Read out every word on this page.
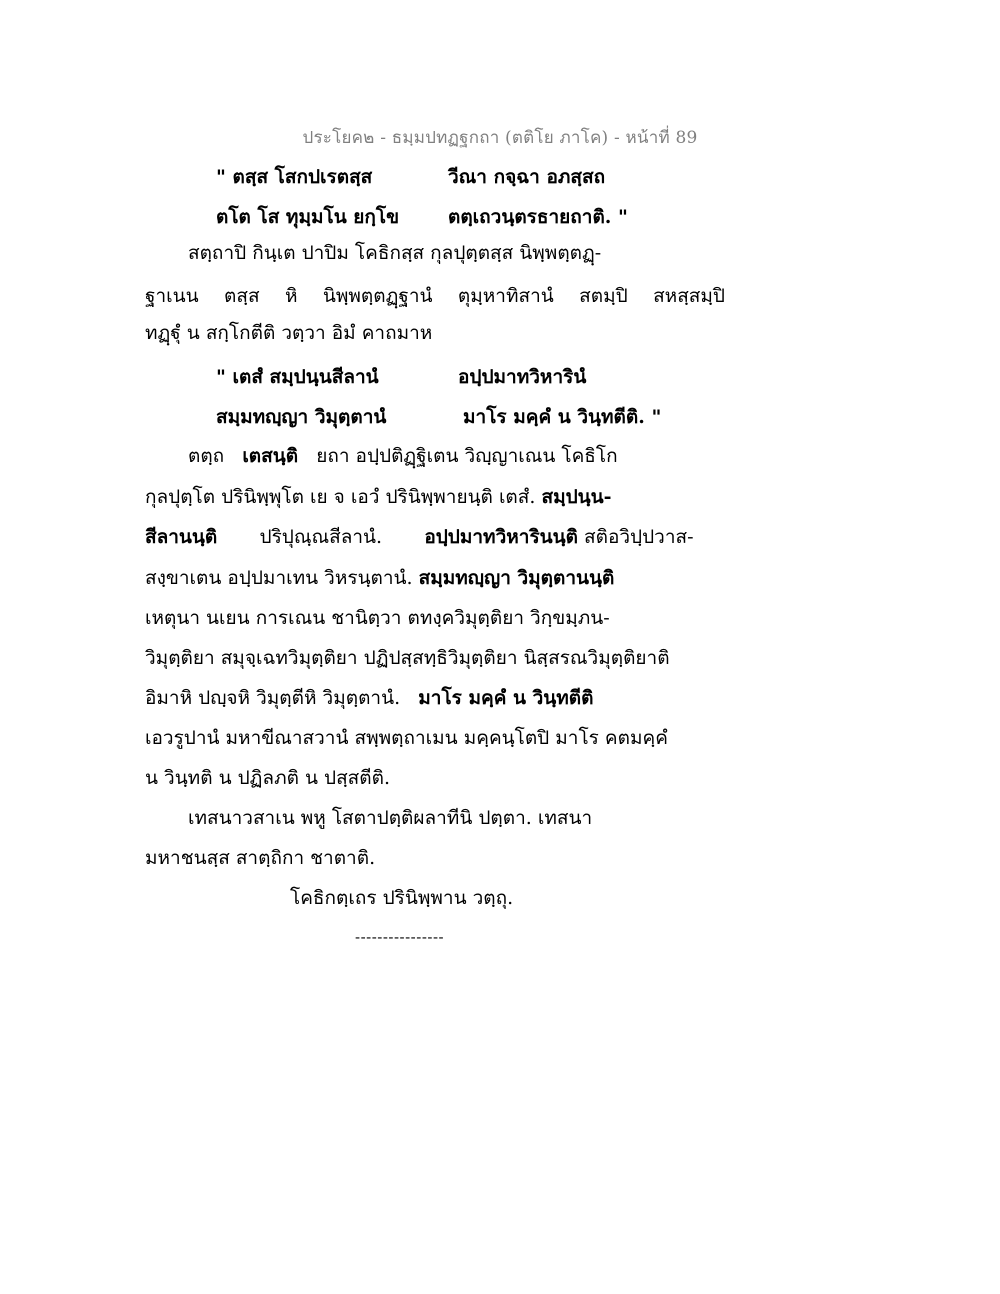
ประโยค๒ - ธมฺมปทฏฐกถา (ตติโย ภาโค) - หน้าที่ 89
" ตสฺส โสกปเรตสฺส	วีณา กจฺฉา อภสฺสถ
ตโต โส ทุมฺมโน ยกฺโข	ตตฺเถวนฺตรธายถาติ. "
สตฺถาปิ กินฺเต ปาปิม โคธิกสฺส กุลปุตฺตสฺส นิพฺพตฺตฏฺ-
ฐาเนน ตสฺส หิ นิพฺพตฺตฏฺฐานํ ตุมฺหาทิสานํ สตมฺปิ สหสฺสมฺปิ
ทฏฺฐุํ น สกฺโกตีติ วตฺวา อิมํ คาถมาห
" เตสํ สมฺปนฺนสีลานํ	อปฺปมาทวิหารินํ
สมฺมทญฺญา วิมุตฺตานํ	มาโร มคฺคํ น วินฺทตีติ. "
ตตฺถ เตสนฺติ ยถา อปฺปติฏฺฐิเตน วิญฺญาเณน โคธิโก
กุลปุตฺโต ปรินิพฺพุโต เย จ เอวํ ปรินิพฺพายนฺติ เตสํ. สมฺปนฺน-
สีลานนฺติ ปริปุณฺณสีลานํ. อปฺปมาทวิหารินนฺติ สติอวิปฺปวาส-
สงฺขาเตน อปฺปมาเทน วิหรนฺตานํ. สมฺมทญฺญา วิมุตฺตานนฺติ
เหตุนา นเยน การเณน ชานิตฺวา ตทงฺควิมุตฺติยา วิกฺขมฺภน-
วิมุตฺติยา สมุจฺเฉทวิมุตฺติยา ปฏิปสฺสทฺธิวิมุตฺติยา นิสฺสรณวิมุตฺติยาติ
อิมาหิ ปญฺจหิ วิมุตฺตีหิ วิมุตฺตานํ. มาโร มคฺคํ น วินฺทตีติ
เอวรูปานํ มหาขีณาสวานํ สพฺพตฺถาเมน มคฺคนฺโตปิ มาโร คตมคฺคํ
น วินฺทติ น ปฏิลภติ น ปสฺสตีติ.
เทสนาวสาเน พหู โสตาปตฺติผลาทีนิ ปตฺตา. เทสนา
มหาชนสฺส สาตฺถิกา ชาตาติ.
โคธิกตฺเถร ปรินิพฺพาน วตฺถุ.
----------------
